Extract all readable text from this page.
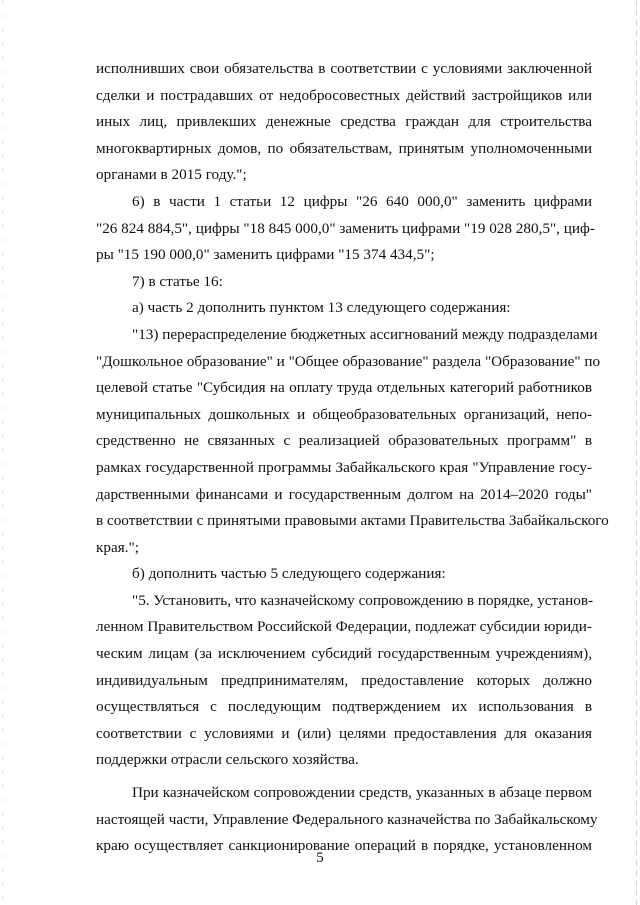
исполнивших свои обязательства в соответствии с условиями заключенной
сделки и пострадавших от недобросовестных действий застройщиков или
иных лиц, привлекших денежные средства граждан для строительства
многоквартирных домов, по обязательствам, принятым уполномоченными
органами в 2015 году.";
6) в части 1 статьи 12 цифры "26 640 000,0" заменить цифрами
"26 824 884,5", цифры "18 845 000,0" заменить цифрами "19 028 280,5", циф-
ры "15 190 000,0" заменить цифрами "15 374 434,5";
7) в статье 16:
а) часть 2 дополнить пунктом 13 следующего содержания:
"13) перераспределение бюджетных ассигнований между подразделами
"Дошкольное образование" и "Общее образование" раздела "Образование" по
целевой статье "Субсидия на оплату труда отдельных категорий работников
муниципальных дошкольных и общеобразовательных организаций, непо-
средственно не связанных с реализацией образовательных программ" в
рамках государственной программы Забайкальского края "Управление госу-
дарственными финансами и государственным долгом на 2014–2020 годы"
в соответствии с принятыми правовыми актами Правительства Забайкальского
края.";
б) дополнить частью 5 следующего содержания:
"5. Установить, что казначейскому сопровождению в порядке, установ-
ленном Правительством Российской Федерации, подлежат субсидии юриди-
ческим лицам (за исключением субсидий государственным учреждениям),
индивидуальным предпринимателям, предоставление которых должно
осуществляться с последующим подтверждением их использования в
соответствии с условиями и (или) целями предоставления для оказания
поддержки отрасли сельского хозяйства.
При казначейском сопровождении средств, указанных в абзаце первом
настоящей части, Управление Федерального казначейства по Забайкальскому
краю осуществляет санкционирование операций в порядке, установленном
5
